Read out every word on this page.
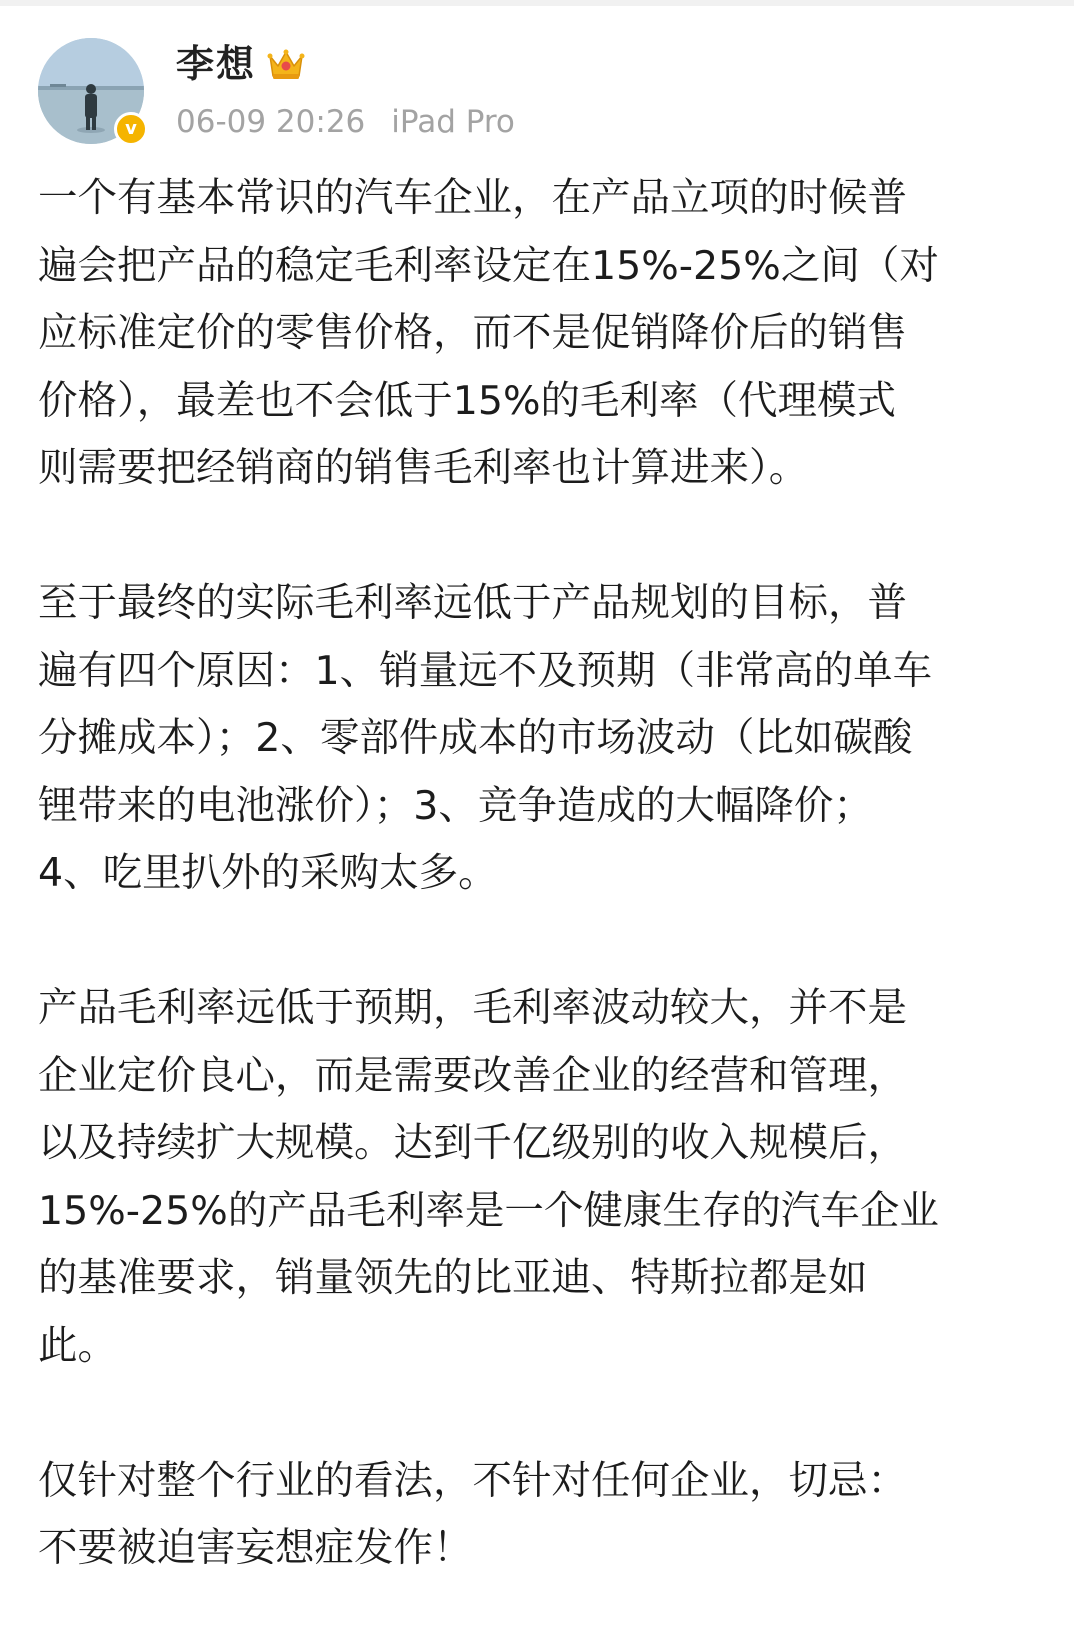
v
李想
06-09 20:26 iPad Pro

一个有基本常识的汽车企业，在产品立项的时候普
遍会把产品的稳定毛利率设定在15%-25%之间（对
应标准定价的零售价格，而不是促销降价后的销售
价格），最差也不会低于15%的毛利率（代理模式
则需要把经销商的销售毛利率也计算进来）。

至于最终的实际毛利率远低于产品规划的目标，普
遍有四个原因：1、销量远不及预期（非常高的单车
分摊成本）；2、零部件成本的市场波动（比如碳酸
锂带来的电池涨价）；3、竞争造成的大幅降价；
4、吃里扒外的采购太多。

产品毛利率远低于预期，毛利率波动较大，并不是
企业定价良心，而是需要改善企业的经营和管理，
以及持续扩大规模。达到千亿级别的收入规模后，
15%-25%的产品毛利率是一个健康生存的汽车企业
的基准要求，销量领先的比亚迪、特斯拉都是如
此。

仅针对整个行业的看法，不针对任何企业，切忌：
不要被迫害妄想症发作！
